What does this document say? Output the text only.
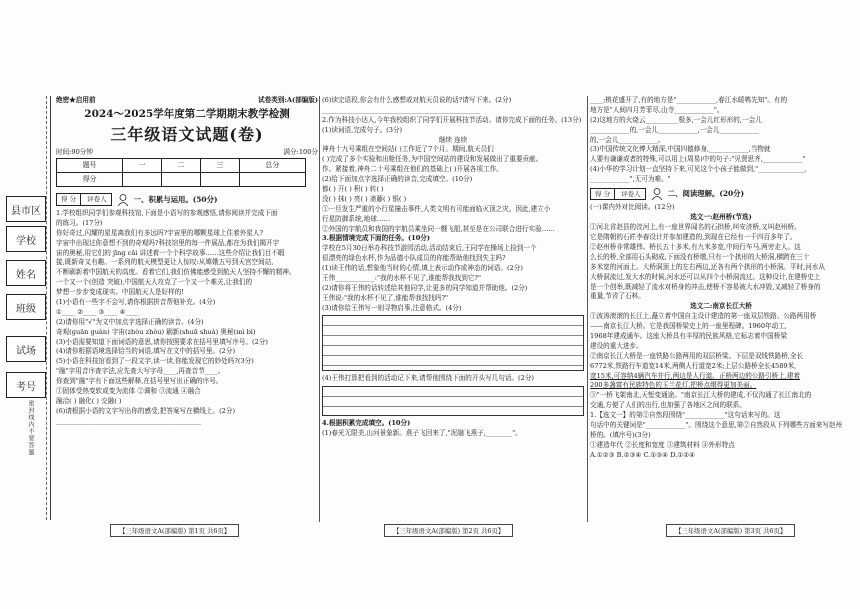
县市区
学校
姓名
班级
试场
考号
密封线内不要答题
绝密★启用前	试卷类别:A(部编版)
2024～2025学年度第二学期期末教学检测
三年级语文试题(卷)
时间:90分钟	满分:100分
题号	一	二	三	总分
得分				
得 分 评卷人	一、积累与运用。(50分)
1.学校组织同学们参观科技馆,下面是小语写的参观感悟,请你阅读并完成下面
的练习。(17分)
你好奇过,闪耀的星星离我们有多远吗?宇宙里的哪颗星球上住着外星人?
宇宙中出现过你意想不到的奇观吗?科技馆里的每一件展品,都在为我们揭开宇
宙的奥秘,用它们的 jīng cǎi 讲述着一个个科学故事……这些介绍让我们目不暇
接,既新奇又有趣。一系列的航天模型更让人惊叹:从嫦娥五号到天宫空间站,
不断刷新着中国航天的高度。看着它们,我们仿佛能感受到航天人坚持不懈的精神。
一个又一个(创造 突破),中国航天人攻克了一个又一个难关,让我们的
梦想一步步变成现实。中国航天人是好样的!
(1)小语有一些字不会写,请你根据拼音帮他补充。(4分)
①____ ②____ ③____ ④____
(2)请你用"√"为文中加点字选择正确的读音。(4分)
奇观(guān guàn) 宇宙(zhòu zhòu) 刷新(shuā shuà) 奥秘(mì bì)
(3)小语需要知道下面词语的意思,请你按照要求在括号里填写序号。(2分)
(4)请你根据语境选择恰当的词语,填写在文中的括号里。(2分)
(5)小语在科技馆看到了一段文字,读一读,你能发现它的妙处吗?(3分)
"融"字用音序查字法,应先查大写字母____,再查音节____。
你查到"融"字有下面这些解释,在括号里写出正确的序号。
①固体受热变软或变为流体 ②调和 ③流通 ④融合
融洽( ) 融化( ) 交融( )
(6)请根据小语的文字写出你的感受,把答案写在横线上。(2分)
____________________________________________
【三年级语文A(部编版) 第1页 共6页】
(6)读完语段,你会有什么感想或对航天员说的话?请写下来。(2分)
________________________________________________
2.作为科技小达人,今年我校组织了同学们开展科技节活动。请你完成下面的任务。(13分)
(1)读词语,完成句子。(3分)
继续 连续
神舟十九号乘组在空间站( )工作近了7个月。期间,航天员们
( )完成了多个实验和出舱任务,为中国空间站的建设和发展做出了重要贡献。
作。紧接着,神舟二十号乘组在他们的基础上( )开展各项工作。
(2)给下面加点字选择正确的读音,完成填空。(10分)
都( ) 开( ) 积( ) 转( )
没( ) 抹( ) 亮( ) 斋藤( ) 银( )
①一旦发生严重的小行星撞击事件,人类文明有可能面临灭顶之灾。因此,建立小
行星防御系统,地球……
②外国的宇航员和我国的宇航员乘坐同一艘飞船,甚至是在公司联合进行实验……
3.根据情境完成下面的任务。(10分)
学校在5月30日举办科技节游园活动,活动结束后,王同学在操场上捡到一个
很漂亮的绿色水杯,作为品德小队成员的你能帮助他找到失主吗?
(1)读王伟的话,想象他当时的心情,填上表示动作或神态的词语。(2分)
王伟____________:"我的水杯不见了,谁能帮我找到它?"
(2)请你将王伟的话转述给其他同学,让更多的同学知道并帮助他。(2分)
王伟说:"我的水杯不见了,谁能帮我找找吗?"
(3)请你给王伟写一则寻物启事,注意格式。(4分)
(4)王伟打算把看到的活动记下来,请帮他围绕下面的开头写几句话。(2分)
4.根据积累完成填空。(10分)
(1)春光无限美,山河景象新。燕子飞回来了,"泥融飞燕子,________"。
【三年级语文A(部编版) 第2页 共6页】
____;桃花盛开了,有的地方是"____________,春江水暖鸭先知"。有的
地方是"人间四月芳菲尽,山寺____________"。
(2)这地方的火烧云__________极多,一会儿红形形的,一会儿
____________的,一会儿____________,一会儿____________
的,一会儿____________。
(3)中国传统文化博大精深,中国四德修身,____________,当物就
人要有谦谦或者的特殊,可以用上(周易)中的句子:"见贤思齐,____________"
(4)小华的学习计划一直坚持下来,可见这个小孩子能做到,"______________,
____________",无可为难。"
得 分 评卷人	二、阅读理解。(20分)
(一)课内外对比阅读。(12分)
选文一:赵州桥(节选)
①河北省赵县的洨河上,有一座世界闻名的石拱桥,叫安济桥,又叫赵州桥。
它是隋朝的石匠李春设计并参加建造的,到现在已经有一千四百多年了。
②赵州桥非常雄伟。桥长五十多米,有九米多宽,中间行车马,两旁走人。这
么长的桥,全部用石头砌成,下面没有桥墩,只有一个拱形的大桥洞,横跨在三十
多米宽的河面上。大桥洞顶上的左右两边,还各有两个拱形的小桥洞。平时,河水从
大桥洞流过,发大水的时候,河水还可以从四个小桥洞流过。这种设计,在建桥史上
是一个创举,既减轻了流水对桥身的冲击,使桥不容易被大水冲毁,又减轻了桥身的
重量,节省了石料。
选文二:南京长江大桥
①波涛滚滚的长江上,矗立着中国自主设计建造的第一座双层铁路、公路两用桥
——南京长江大桥。它是我国桥梁史上的一座里程碑。1960年动工,
1968年建成通车。这座大桥具有丰厚的民族风格,它标志着中国桥梁
建设的重大进步。
②南京长江大桥是一座铁路公路两用的双层桥梁。下层是双线铁路桥,全长
6772米,铁路行车道宽14米,两侧人行道宽2米;上层公路桥全长4589米,
宽15米,可容纳4辆汽车并行,两边是人行道。正桥两边的公路引桥上,建着
200多盏富有民族特色的玉兰花灯,把桥点缀得更加美丽。
③"一桥飞架南北,天堑变通途。"南京长江大桥的建成,不仅沟通了长江南北的
交通,方便了人们的出行,也加强了各地区之间的联系。
1.【选文一】的第②自然段围绕"____________"这句话来写的。这
句话中的关键词是"____________"。围绕这个意思,第②自然段从下列哪些方面来写赵州
桥的。(填序号)(3分)
①建造年代 ②长度和宽度 ③建筑材料 ④外形特点
A.①②③ B.②③④ C.①③④ D.①②④
【三年级语文A(部编版) 第3页 共6页】
